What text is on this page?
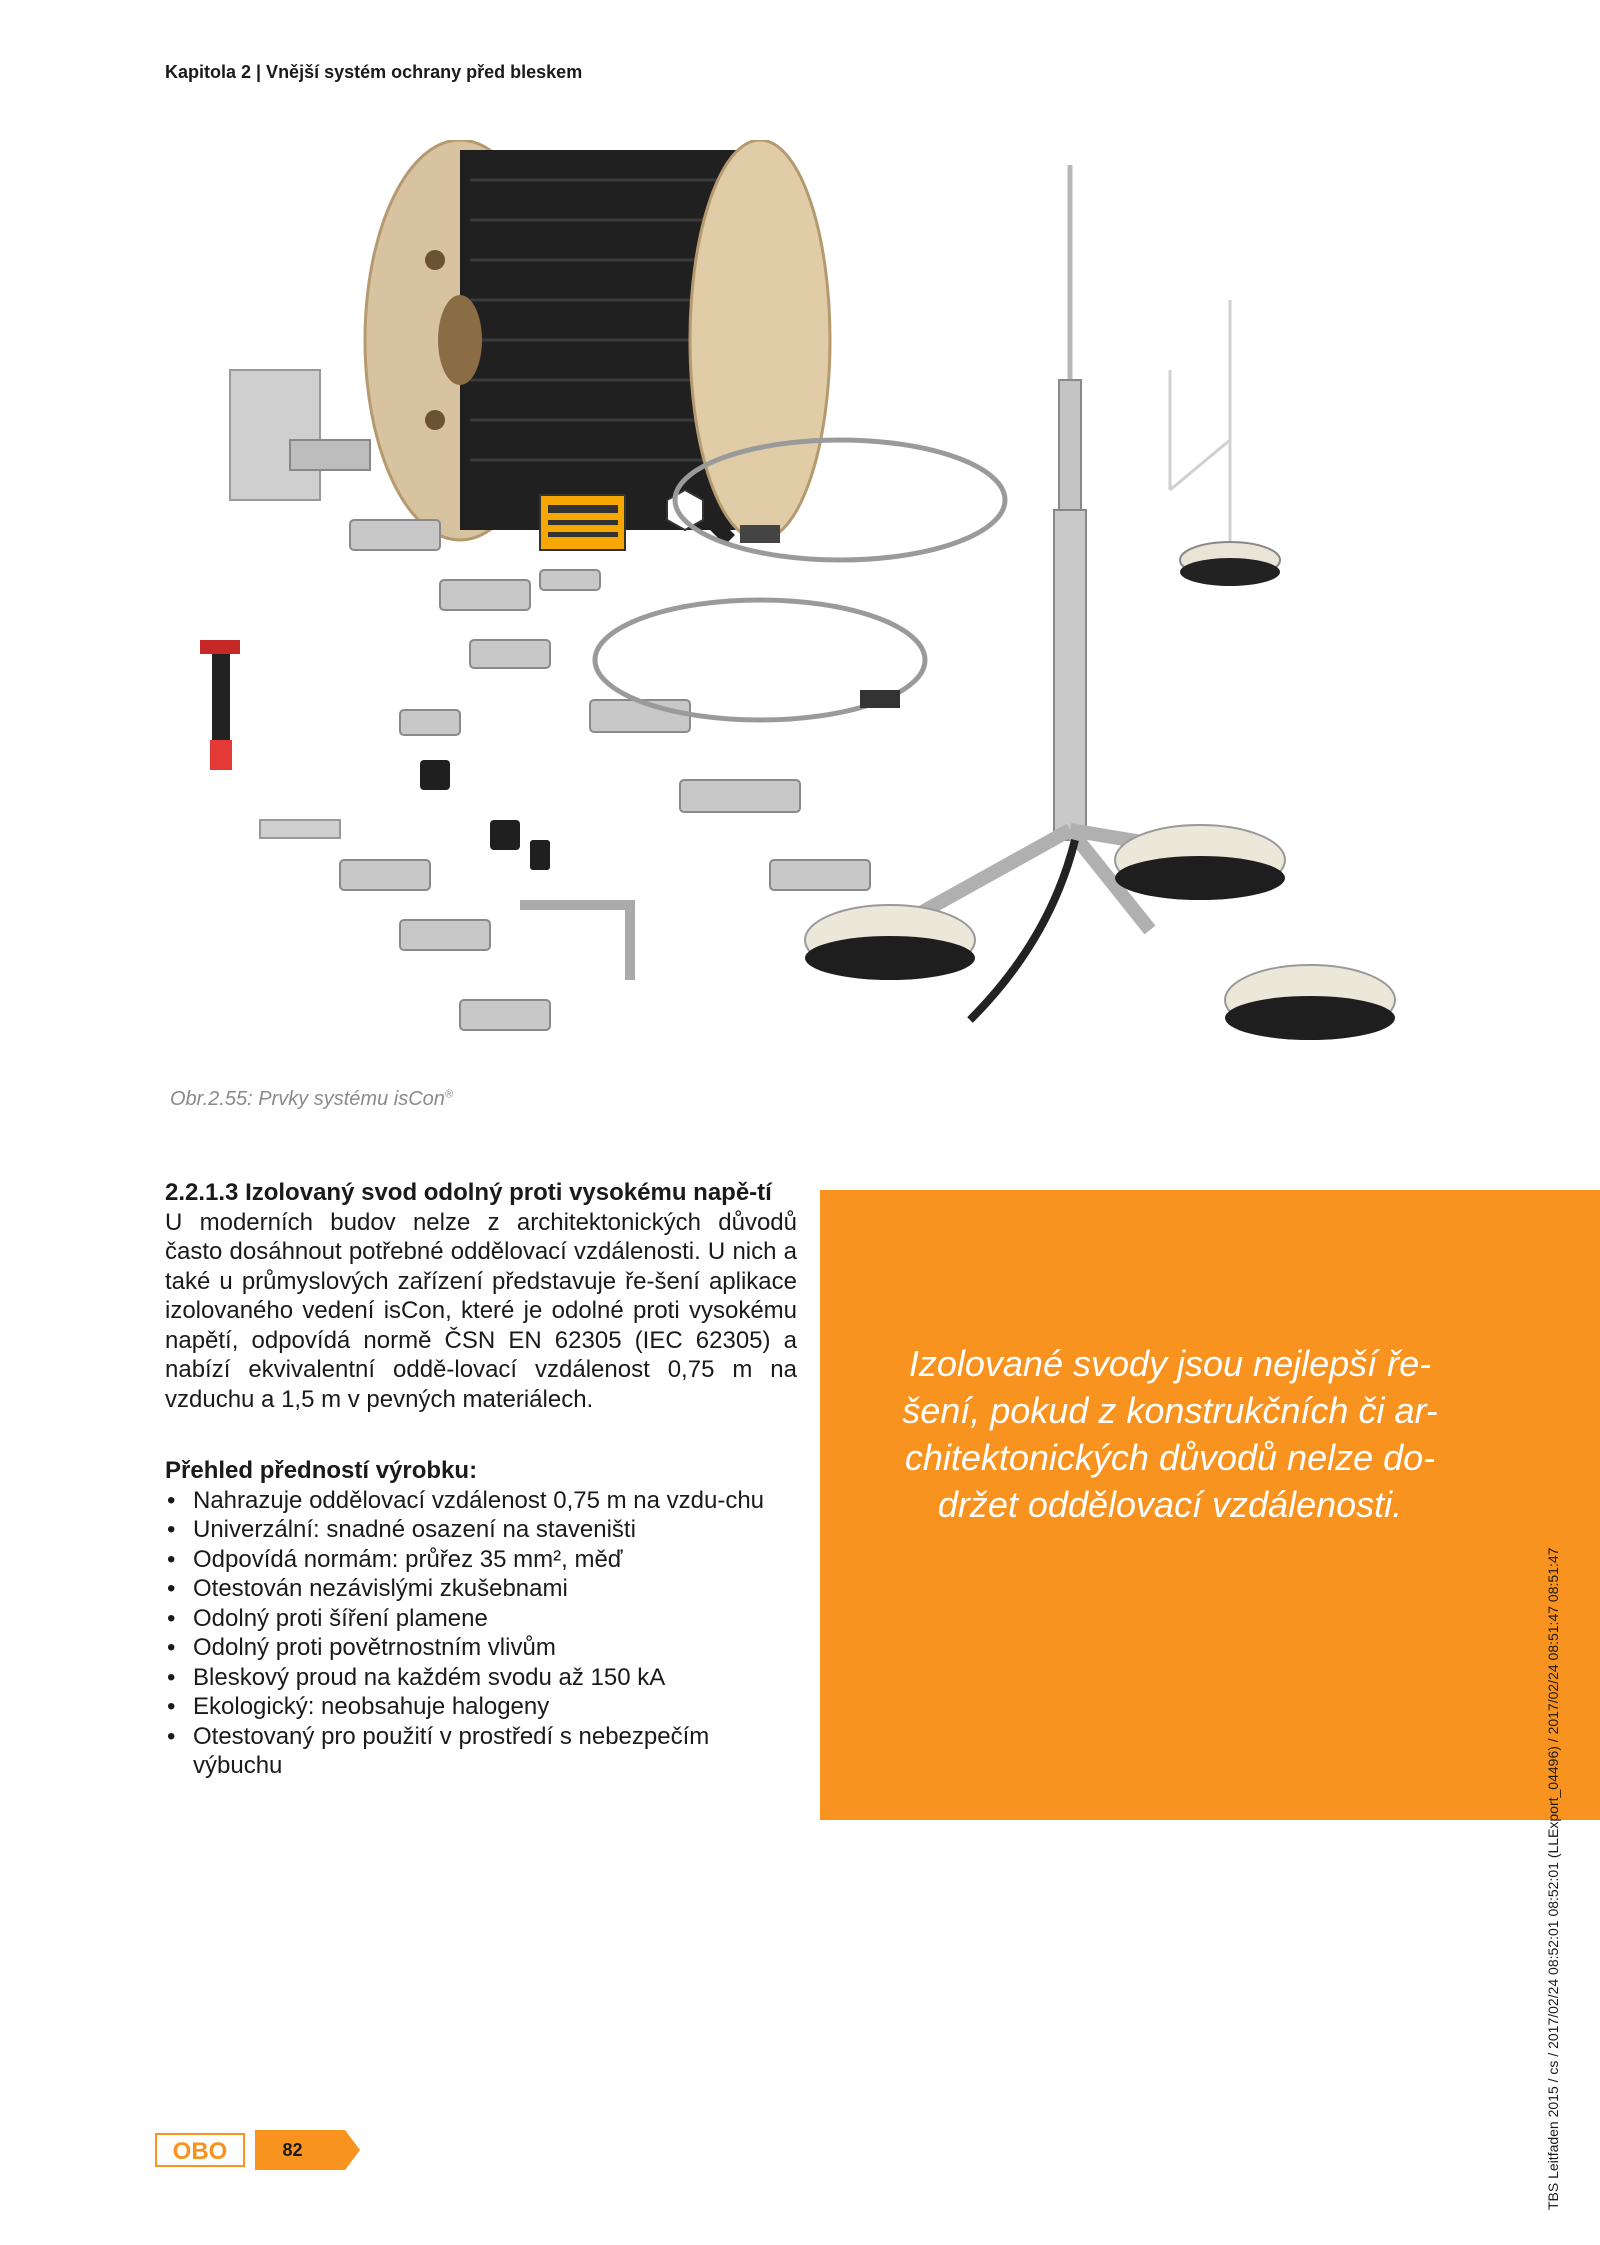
Kapitola 2 | Vnější systém ochrany před bleskem
Obr.2.55: Prvky systému isCon®
2.2.1.3 Izolovaný svod odolný proti vysokému napě-tí

U moderních budov nelze z architektonických důvodů často dosáhnout potřebné oddělovací vzdálenosti. U nich a také u průmyslových zařízení představuje ře-šení aplikace izolovaného vedení isCon, které je odolné proti vysokému napětí, odpovídá normě ČSN EN 62305 (IEC 62305) a nabízí ekvivalentní oddě-lovací vzdálenost 0,75 m na vzduchu a 1,5 m v pevných materiálech.

Přehled předností výrobku:
• Nahrazuje oddělovací vzdálenost 0,75 m na vzdu-chu
• Univerzální: snadné osazení na staveništi
• Odpovídá normám: průřez 35 mm², měď
• Otestován nezávislými zkušebnami
• Odolný proti šíření plamene
• Odolný proti povětrnostním vlivům
• Bleskový proud na každém svodu až 150 kA
• Ekologický: neobsahuje halogeny
• Otestovaný pro použití v prostředí s nebezpečím výbuchu
Izolované svody jsou nejlepší ře-šení, pokud z konstrukčních či ar-chitektonických důvodů nelze do-držet oddělovací vzdálenosti.
TBS Leitfaden 2015 / cs / 2017/02/24 08:52:01 08:52:01 (LLExport_04496) / 2017/02/24 08:51:47 08:51:47
OBO	82
